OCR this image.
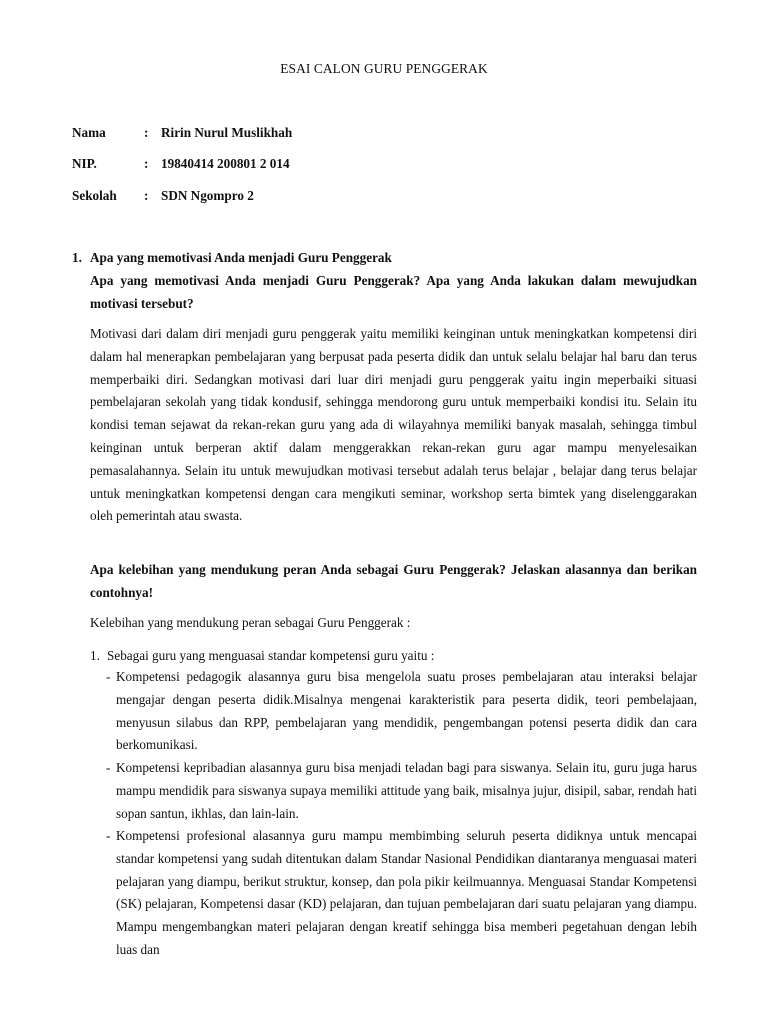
ESAI CALON GURU PENGGERAK
Nama	: Ririn Nurul Muslikhah
NIP.	: 19840414 200801 2 014
Sekolah : SDN Ngompro 2
1. Apa yang memotivasi Anda menjadi Guru Penggerak

Apa yang memotivasi Anda menjadi Guru Penggerak? Apa yang Anda lakukan dalam mewujudkan motivasi tersebut?

Motivasi dari dalam diri menjadi guru penggerak yaitu memiliki keinginan untuk meningkatkan kompetensi diri dalam hal menerapkan pembelajaran yang berpusat pada peserta didik dan untuk selalu belajar hal baru dan terus memperbaiki diri. Sedangkan motivasi dari luar diri menjadi guru penggerak yaitu ingin meperbaiki situasi pembelajaran sekolah yang tidak kondusif, sehingga mendorong guru untuk memperbaiki kondisi itu. Selain itu kondisi teman sejawat da rekan-rekan guru yang ada di wilayahnya memiliki banyak masalah, sehingga timbul keinginan untuk berperan aktif dalam menggerakkan rekan-rekan guru agar mampu menyelesaikan pemasalahannya. Selain itu untuk mewujudkan motivasi tersebut adalah terus belajar , belajar dang terus belajar untuk meningkatkan kompetensi dengan cara mengikuti seminar, workshop serta bimtek yang diselenggarakan oleh pemerintah atau swasta.

Apa kelebihan yang mendukung peran Anda sebagai Guru Penggerak? Jelaskan alasannya dan berikan contohnya!

Kelebihan yang mendukung peran sebagai Guru Penggerak :

1. Sebagai guru yang menguasai standar kompetensi guru yaitu :
- Kompetensi pedagogik alasannya guru bisa mengelola suatu proses pembelajaran atau interaksi belajar mengajar dengan peserta didik.Misalnya mengenai karakteristik para peserta didik, teori pembelajaan, menyusun silabus dan RPP, pembelajaran yang mendidik, pengembangan potensi peserta didik dan cara berkomunikasi.
- Kompetensi kepribadian alasannya guru bisa menjadi teladan bagi para siswanya. Selain itu, guru juga harus mampu mendidik para siswanya supaya memiliki attitude yang baik, misalnya jujur, disipil, sabar, rendah hati sopan santun, ikhlas, dan lain-lain.
- Kompetensi profesional alasannya guru mampu membimbing seluruh peserta didiknya untuk mencapai standar kompetensi yang sudah ditentukan dalam Standar Nasional Pendidikan diantaranya menguasai materi pelajaran yang diampu, berikut struktur, konsep, dan pola pikir keilmuannya. Menguasai Standar Kompetensi (SK) pelajaran, Kompetensi dasar (KD) pelajaran, dan tujuan pembelajaran dari suatu pelajaran yang diampu. Mampu mengembangkan materi pelajaran dengan kreatif sehingga bisa memberi pegetahuan dengan lebih luas dan
